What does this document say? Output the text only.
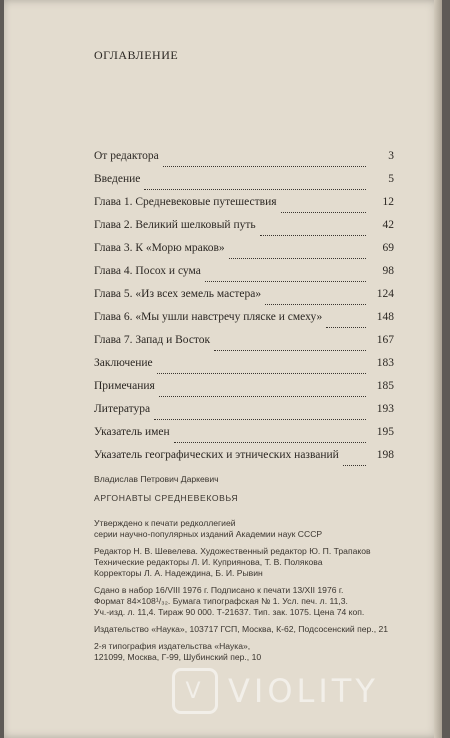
ОГЛАВЛЕНИЕ
От редактора	3
Введение	5
Глава 1. Средневековые путешествия	12
Глава 2. Великий шелковый путь	42
Глава 3. К «Морю мраков»	69
Глава 4. Посох и сума	98
Глава 5. «Из всех земель мастера»	124
Глава 6. «Мы ушли навстречу пляске и смеху»	148
Глава 7. Запад и Восток	167
Заключение	183
Примечания	185
Литература	193
Указатель имен	195
Указатель географических и этнических названий	198
Владислав Петрович Даркевич
АРГОНАВТЫ СРЕДНЕВЕКОВЬЯ
Утверждено к печати редколлегией
серии научно-популярных изданий Академии наук СССР
Редактор Н. В. Шевелева. Художественный редактор Ю. П. Трапаков
Технические редакторы Л. И. Куприянова, Т. В. Полякова
Корректоры Л. А. Надеждина, Б. И. Рывин
Сдано в набор 16/VIII 1976 г. Подписано к печати 13/XII 1976 г.
Формат 84×108¹/₃₂. Бумага типографская № 1. Усл. печ. л. 11,3.
Уч.-изд. л. 11,4. Тираж 90 000. Т-21637. Тип. зак. 1075. Цена 74 коп.
Издательство «Наука», 103717 ГСП, Москва, К-62, Подсосенский пер., 21
2-я типография издательства «Наука»,
121099, Москва, Г-99, Шубинский пер., 10
V VIOLITY
